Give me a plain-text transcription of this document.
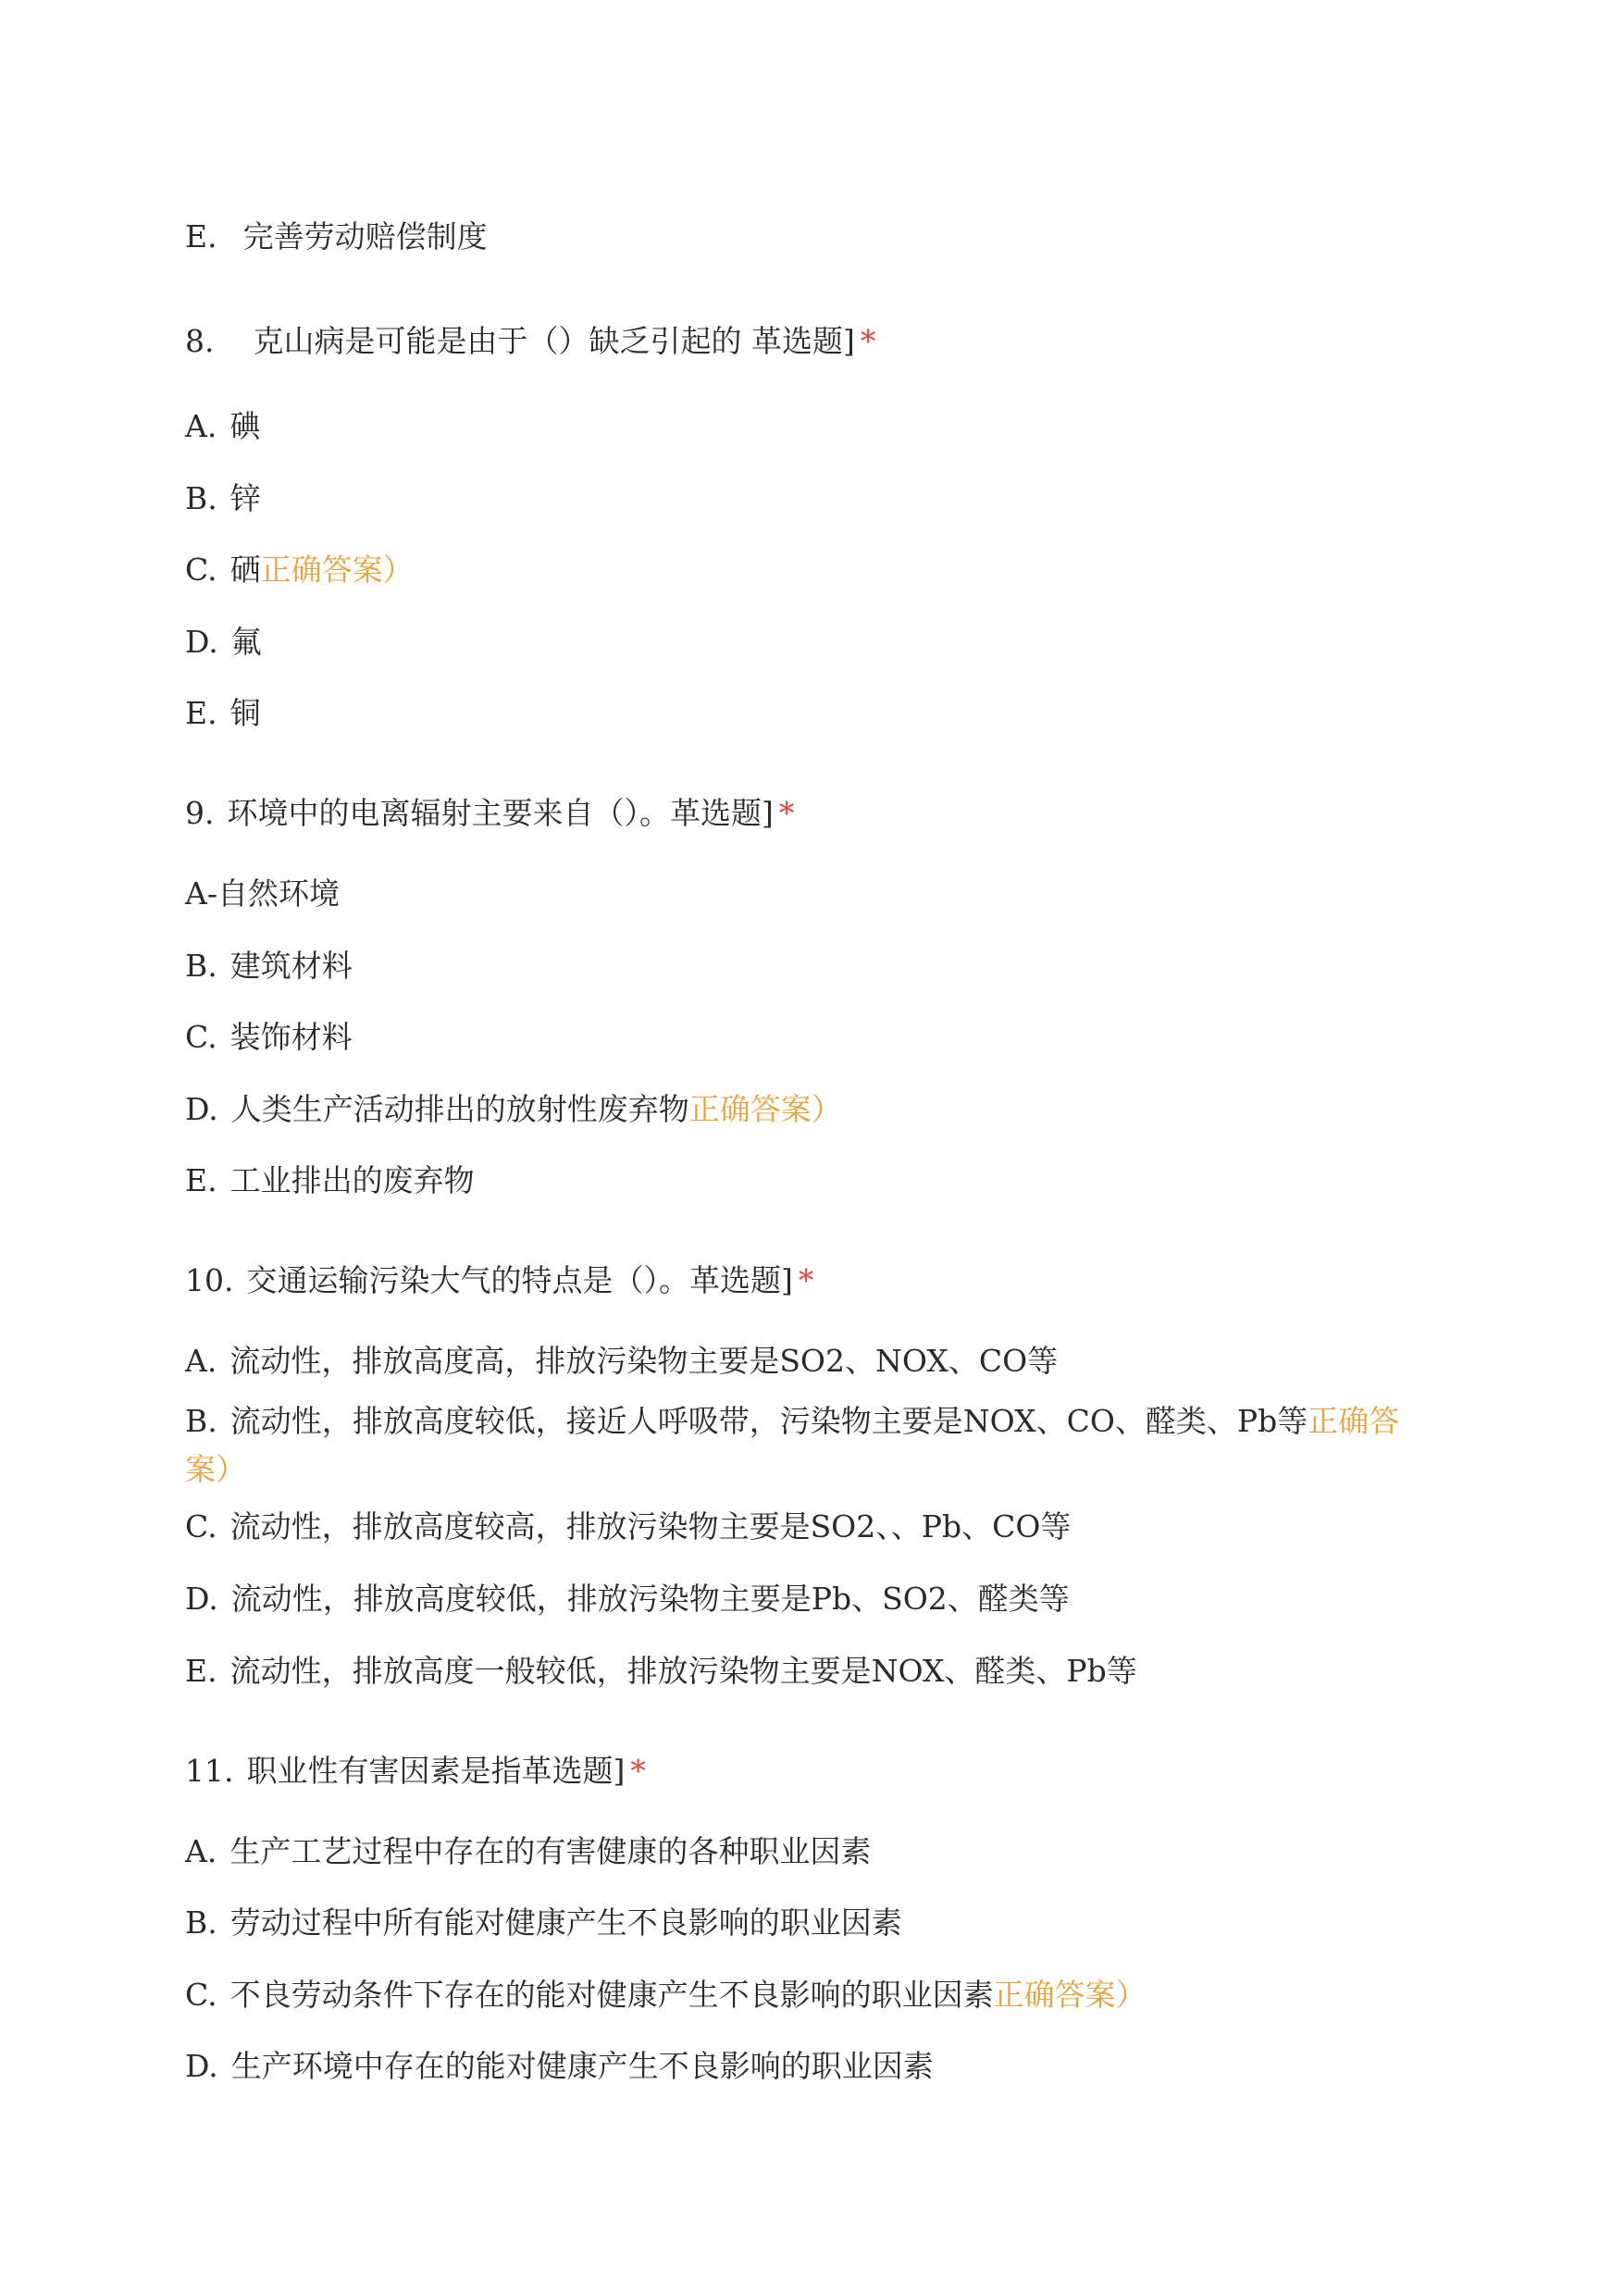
E. 完善劳动赔偿制度
8. 克山病是可能是由于（）缺乏引起的 革选题] *
A. 碘
B. 锌
C. 硒正确答案）
D. 氟
E. 铜
9. 环境中的电离辐射主要来自（）。革选题] *
A-自然环境
B. 建筑材料
C. 装饰材料
D. 人类生产活动排出的放射性废弃物正确答案）
E. 工业排出的废弃物
10. 交通运输污染大气的特点是（）。革选题] *
A. 流动性，排放高度高，排放污染物主要是SO2、NOX、CO等
B. 流动性，排放高度较低，接近人呼吸带，污染物主要是NOX、CO、醛类、Pb等正确答案）
C. 流动性，排放高度较高，排放污染物主要是SO2、、Pb、CO等
D. 流动性，排放高度较低，排放污染物主要是Pb、SO2、醛类等
E. 流动性，排放高度一般较低，排放污染物主要是NOX、醛类、Pb等
11. 职业性有害因素是指革选题] *
A. 生产工艺过程中存在的有害健康的各种职业因素
B. 劳动过程中所有能对健康产生不良影响的职业因素
C. 不良劳动条件下存在的能对健康产生不良影响的职业因素正确答案）
D. 生产环境中存在的能对健康产生不良影响的职业因素
